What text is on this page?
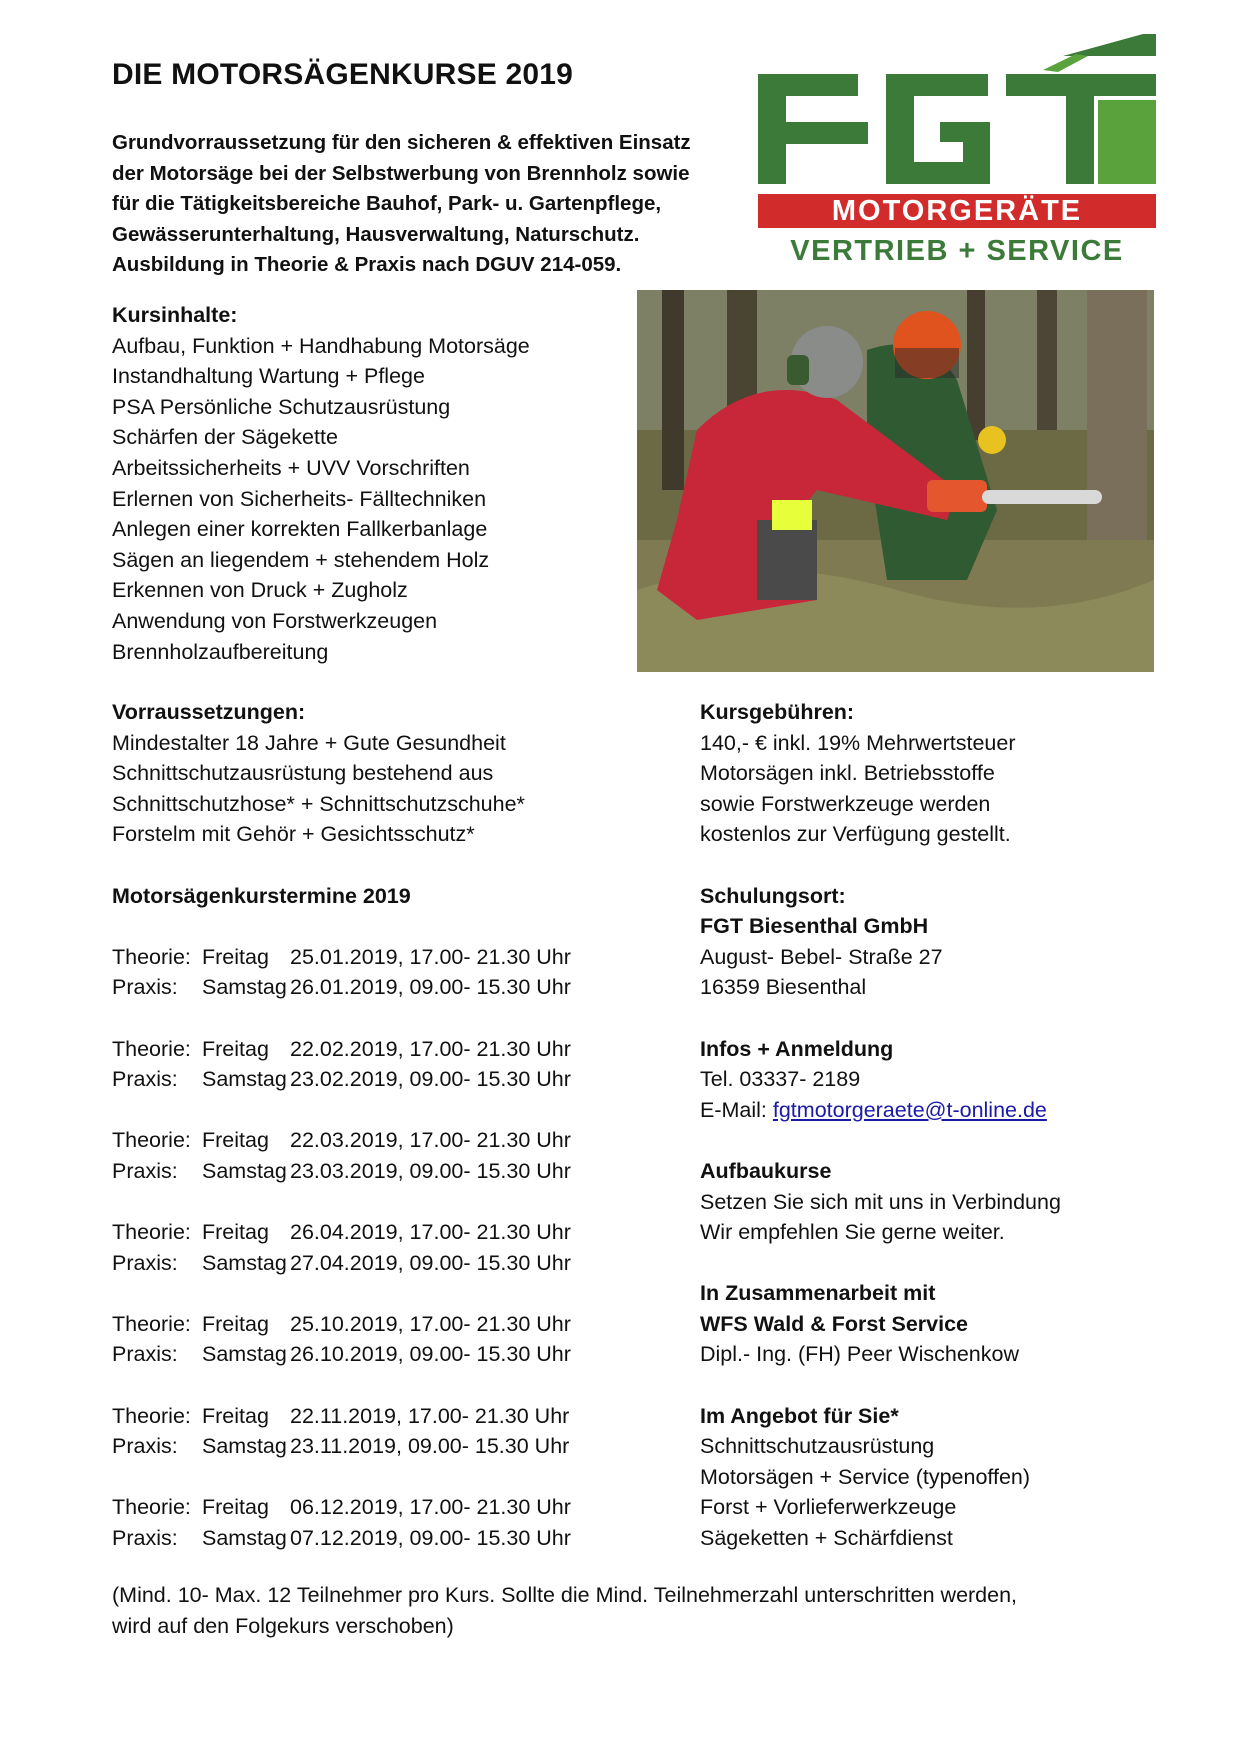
DIE MOTORSÄGENKURSE 2019
Grundvorraussetzung für den sicheren & effektiven Einsatz
der Motorsäge bei der Selbstwerbung von Brennholz sowie
für die Tätigkeitsbereiche Bauhof, Park- u. Gartenpflege,
Gewässerunterhaltung, Hausverwaltung, Naturschutz.
Ausbildung in Theorie & Praxis nach DGUV 214-059.
MOTORGERÄTE
VERTRIEB + SERVICE
Kursinhalte:
Aufbau, Funktion + Handhabung Motorsäge
Instandhaltung Wartung + Pflege
PSA Persönliche Schutzausrüstung
Schärfen der Sägekette
Arbeitssicherheits + UVV Vorschriften
Erlernen von Sicherheits- Fälltechniken
Anlegen einer korrekten Fallkerbanlage
Sägen an liegendem + stehendem Holz
Erkennen von Druck + Zugholz
Anwendung von Forstwerkzeugen
Brennholzaufbereitung
Vorraussetzungen:
Mindestalter 18 Jahre + Gute Gesundheit
Schnittschutzausrüstung bestehend aus
Schnittschutzhose* + Schnittschutzschuhe*
Forstelm mit Gehör + Gesichtsschutz*
Motorsägenkurstermine 2019
Theorie: Freitag 25.01.2019, 17.00- 21.30 Uhr
Praxis: Samstag 26.01.2019, 09.00- 15.30 Uhr
Theorie: Freitag 22.02.2019, 17.00- 21.30 Uhr
Praxis: Samstag 23.02.2019, 09.00- 15.30 Uhr
Theorie: Freitag 22.03.2019, 17.00- 21.30 Uhr
Praxis: Samstag 23.03.2019, 09.00- 15.30 Uhr
Theorie: Freitag 26.04.2019, 17.00- 21.30 Uhr
Praxis: Samstag 27.04.2019, 09.00- 15.30 Uhr
Theorie: Freitag 25.10.2019, 17.00- 21.30 Uhr
Praxis: Samstag 26.10.2019, 09.00- 15.30 Uhr
Theorie: Freitag 22.11.2019, 17.00- 21.30 Uhr
Praxis: Samstag 23.11.2019, 09.00- 15.30 Uhr
Theorie: Freitag 06.12.2019, 17.00- 21.30 Uhr
Praxis: Samstag 07.12.2019, 09.00- 15.30 Uhr
Kursgebühren:
140,- € inkl. 19% Mehrwertsteuer
Motorsägen inkl. Betriebsstoffe
sowie Forstwerkzeuge werden
kostenlos zur Verfügung gestellt.
Schulungsort:
FGT Biesenthal GmbH
August- Bebel- Straße 27
16359 Biesenthal
Infos + Anmeldung
Tel. 03337- 2189
E-Mail: fgtmotorgeraete@t-online.de
Aufbaukurse
Setzen Sie sich mit uns in Verbindung
Wir empfehlen Sie gerne weiter.
In Zusammenarbeit mit
WFS Wald & Forst Service
Dipl.- Ing. (FH) Peer Wischenkow
Im Angebot für Sie*
Schnittschutzausrüstung
Motorsägen + Service (typenoffen)
Forst + Vorlieferwerkzeuge
Sägeketten + Schärfdienst
(Mind. 10- Max. 12 Teilnehmer pro Kurs. Sollte die Mind. Teilnehmerzahl unterschritten werden,
wird auf den Folgekurs verschoben)
